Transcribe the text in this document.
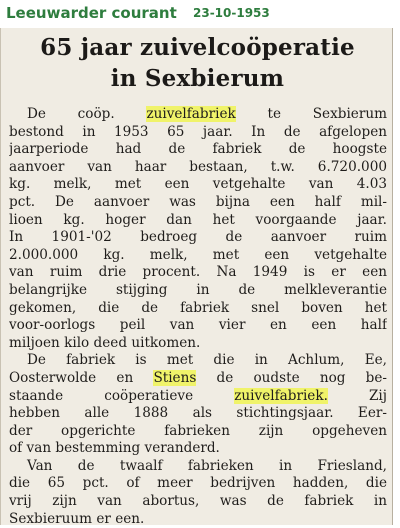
Leeuwarder courant 23-10-1953
65 jaar zuivelcoöperatie
in Sexbierum
De coöp. zuivelfabriek te Sexbierum
bestond in 1953 65 jaar. In de afgelopen
jaarperiode had de fabriek de hoogste
aanvoer van haar bestaan, t.w. 6.720.000
kg. melk, met een vetgehalte van 4.03
pct. De aanvoer was bijna een half mil-
lioen kg. hoger dan het voorgaande jaar.
In 1901-'02 bedroeg de aanvoer ruim
2.000.000 kg. melk, met een vetgehalte
van ruim drie procent. Na 1949 is er een
belangrijke stijging in de melkleverantie
gekomen, die de fabriek snel boven het
voor-oorlogs peil van vier en een half
miljoen kilo deed uitkomen.
De fabriek is met die in Achlum, Ee,
Oosterwolde en Stiens de oudste nog be-
staande coöperatieve zuivelfabriek. Zij
hebben alle 1888 als stichtingsjaar. Eer-
der opgerichte fabrieken zijn opgeheven
of van bestemming veranderd.
Van de twaalf fabrieken in Friesland,
die 65 pct. of meer bedrijven hadden, die
vrij zijn van abortus, was de fabriek in
Sexbieruum er een.
